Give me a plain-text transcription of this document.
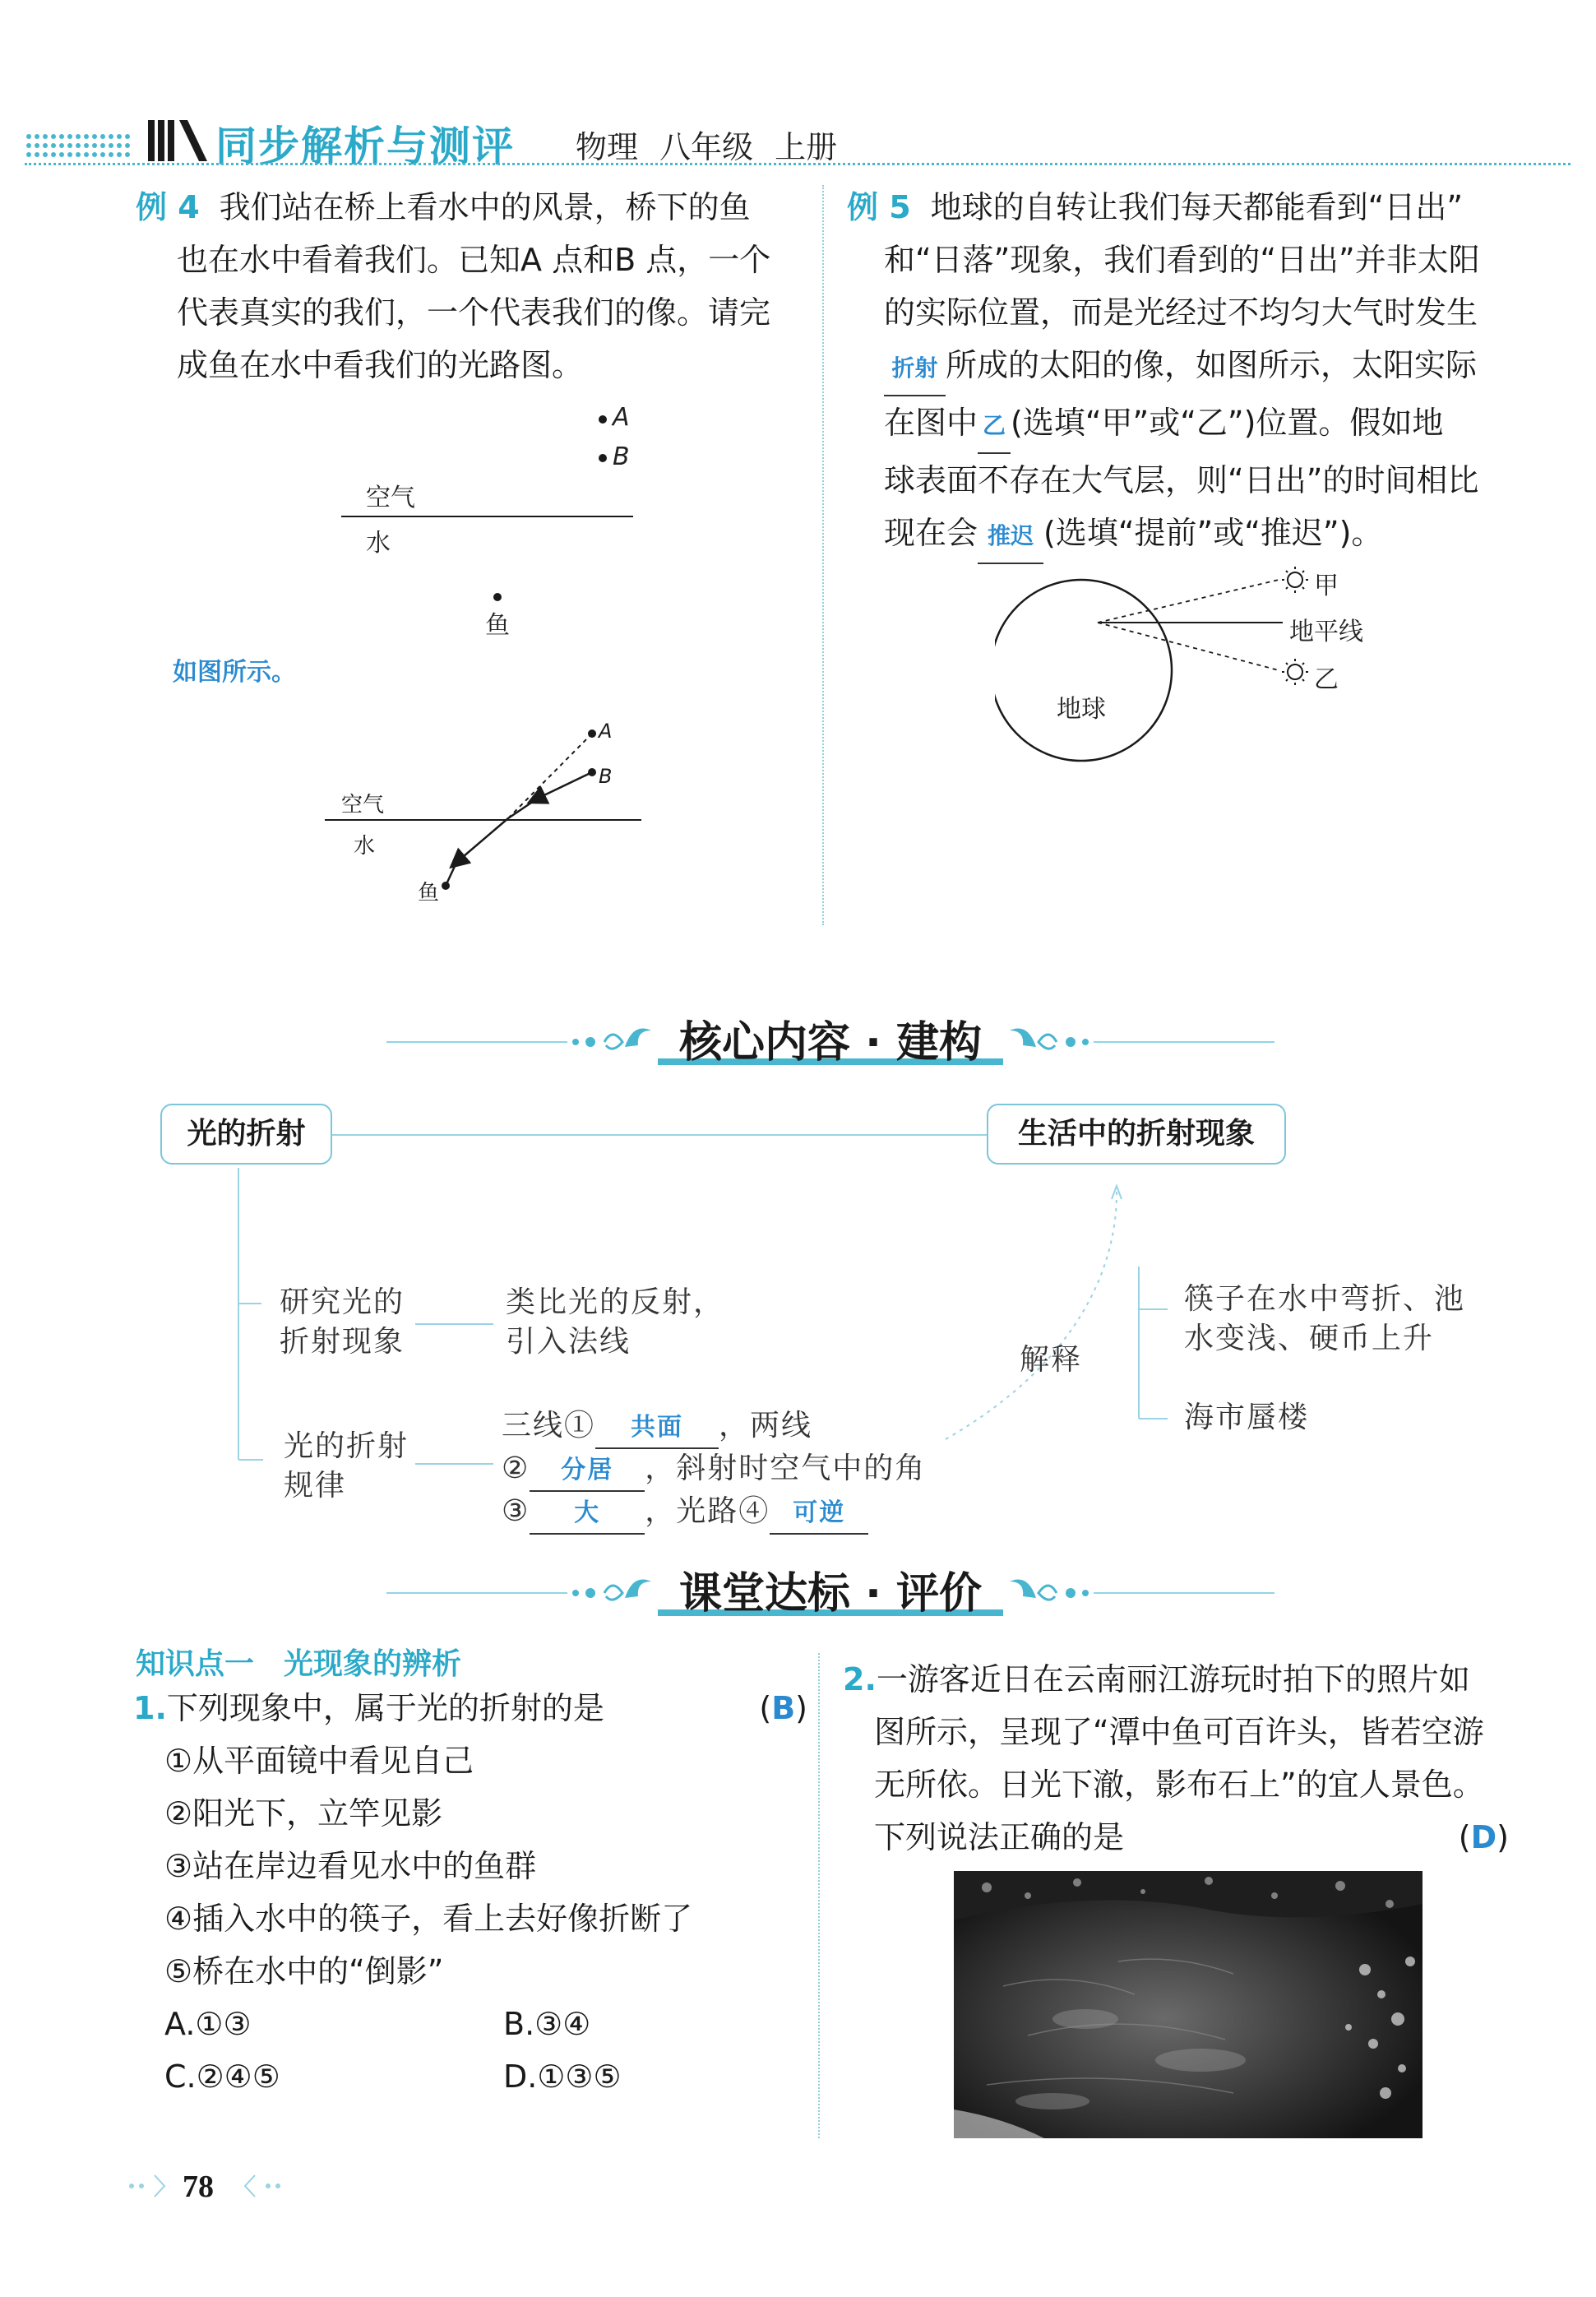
同步解析与测评 物理 八年级 上册
例 4 我们站在桥上看水中的风景，桥下的鱼
也在水中看着我们。已知A 点和B 点，一个
代表真实的我们，一个代表我们的像。请完
成鱼在水中看我们的光路图。
A
B
空气
水
鱼
如图所示。
A
B
空气
水
鱼
例 5 地球的自转让我们每天都能看到“日出”
和“日落”现象，我们看到的“日出”并非太阳
的实际位置，而是光经过不均匀大气时发生
折射 所成的太阳的像，如图所示，太阳实际
在图中 乙 (选填“甲”或“乙”)位置。假如地
球表面不存在大气层，则“日出”的时间相比
现在会 推迟 (选填“提前”或“推迟”)。
甲
地平线
乙
地球
核心内容 · 建构
光的折射	生活中的折射现象
研究光的
折射现象
类比光的反射，
引入法线
光的折射
规律
三线① 共面 ，两线
② 分居 ，斜射时空气中的角
③ 大 ，光路④ 可逆
解释
筷子在水中弯折、池
水变浅、硬币上升
海市蜃楼
课堂达标 · 评价
知识点一　光现象的辨析
1.下列现象中，属于光的折射的是	(B)
①从平面镜中看见自己
②阳光下，立竿见影
③站在岸边看见水中的鱼群
④插入水中的筷子，看上去好像折断了
⑤桥在水中的“倒影”
A.①③	B.③④
C.②④⑤	D.①③⑤
2.一游客近日在云南丽江游玩时拍下的照片如
图所示，呈现了“潭中鱼可百许头，皆若空游
无所依。日光下澈，影布石上”的宜人景色。
下列说法正确的是	(D)
78
